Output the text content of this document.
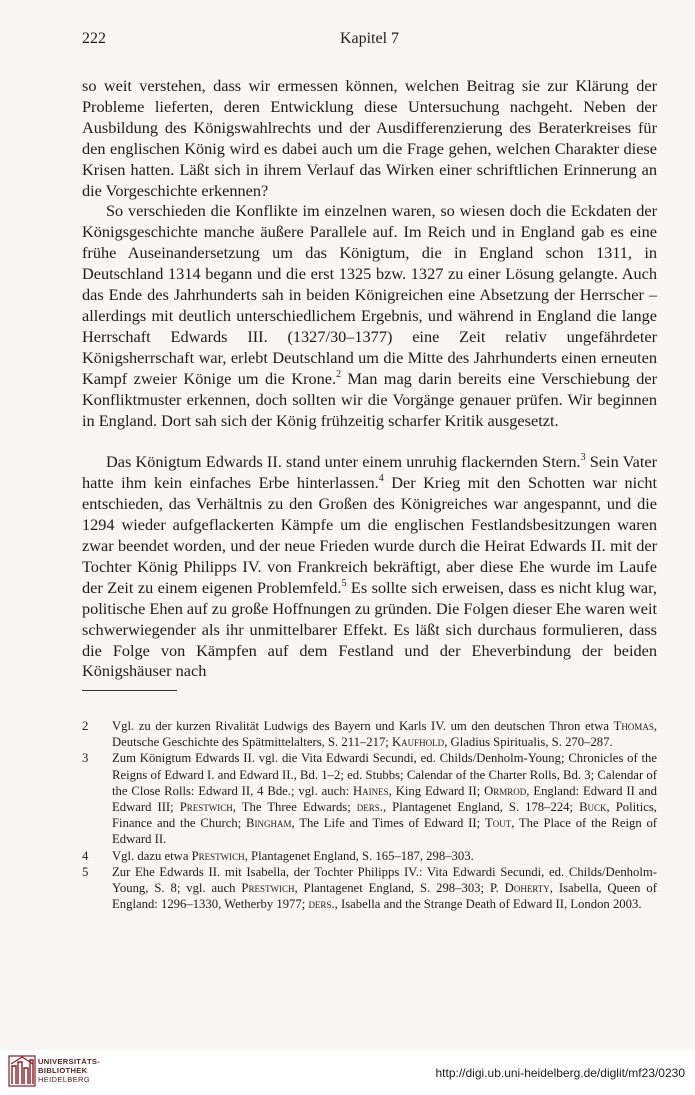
222	Kapitel 7

so weit verstehen, dass wir ermessen können, welchen Beitrag sie zur Klärung der Probleme lieferten, deren Entwicklung diese Untersuchung nachgeht. Neben der Ausbildung des Königswahlrechts und der Ausdifferenzierung des Beraterkreises für den englischen König wird es dabei auch um die Frage gehen, welchen Charakter diese Krisen hatten. Läßt sich in ihrem Verlauf das Wirken einer schriftlichen Erinnerung an die Vorgeschichte erkennen?

So verschieden die Konflikte im einzelnen waren, so wiesen doch die Eckdaten der Königsgeschichte manche äußere Parallele auf. Im Reich und in England gab es eine frühe Auseinandersetzung um das Königtum, die in England schon 1311, in Deutschland 1314 begann und die erst 1325 bzw. 1327 zu einer Lösung gelangte. Auch das Ende des Jahrhunderts sah in beiden Königreichen eine Absetzung der Herrscher – allerdings mit deutlich unterschiedlichem Ergebnis, und während in England die lange Herrschaft Edwards III. (1327/30–1377) eine Zeit relativ ungefährdeter Königsherrschaft war, erlebt Deutschland um die Mitte des Jahrhunderts einen erneuten Kampf zweier Könige um die Krone.$^2$ Man mag darin bereits eine Verschiebung der Konfliktmuster erkennen, doch sollten wir die Vorgänge genauer prüfen. Wir beginnen in England. Dort sah sich der König frühzeitig scharfer Kritik ausgesetzt.

Das Königtum Edwards II. stand unter einem unruhig flackernden Stern.$^3$ Sein Vater hatte ihm kein einfaches Erbe hinterlassen.$^4$ Der Krieg mit den Schotten war nicht entschieden, das Verhältnis zu den Großen des Königreiches war angespannt, und die 1294 wieder aufgeflackerten Kämpfe um die englischen Festlandsbesitzungen waren zwar beendet worden, und der neue Frieden wurde durch die Heirat Edwards II. mit der Tochter König Philipps IV. von Frankreich bekräftigt, aber diese Ehe wurde im Laufe der Zeit zu einem eigenen Problemfeld.$^5$ Es sollte sich erweisen, dass es nicht klug war, politische Ehen auf zu große Hoffnungen zu gründen. Die Folgen dieser Ehe waren weit schwerwiegender als ihr unmittelbarer Effekt. Es läßt sich durchaus formulieren, dass die Folge von Kämpfen auf dem Festland und der Eheverbindung der beiden Königshäuser nach

2 Vgl. zu der kurzen Rivalität Ludwigs des Bayern und Karls IV. um den deutschen Thron etwa Thomas, Deutsche Geschichte des Spätmittelalters, S. 211–217; Kaufhold, Gladius Spiritualis, S. 270–287.
3 Zum Königtum Edwards II. vgl. die Vita Edwardi Secundi, ed. Childs/Denholm-Young; Chronicles of the Reigns of Edward I. and Edward II., Bd. 1–2; ed. Stubbs; Calendar of the Charter Rolls, Bd. 3; Calendar of the Close Rolls: Edward II, 4 Bde.; vgl. auch: Haines, King Edward II; Ormrod, England: Edward II and Edward III; Prestwich, The Three Edwards; ders., Plantagenet England, S. 178–224; Buck, Politics, Finance and the Church; Bingham, The Life and Times of Edward II; Tout, The Place of the Reign of Edward II.
4 Vgl. dazu etwa Prestwich, Plantagenet England, S. 165–187, 298–303.
5 Zur Ehe Edwards II. mit Isabella, der Tochter Philipps IV.: Vita Edwardi Secundi, ed. Childs/Denholm-Young, S. 8; vgl. auch Prestwich, Plantagenet England, S. 298–303; P. Doherty, Isabella, Queen of England: 1296–1330, Wetherby 1977; ders., Isabella and the Strange Death of Edward II, London 2003.
UNIVERSITÄTS-
BIBLIOTHEK
HEIDELBERG	http://digi.ub.uni-heidelberg.de/diglit/mf23/0230
